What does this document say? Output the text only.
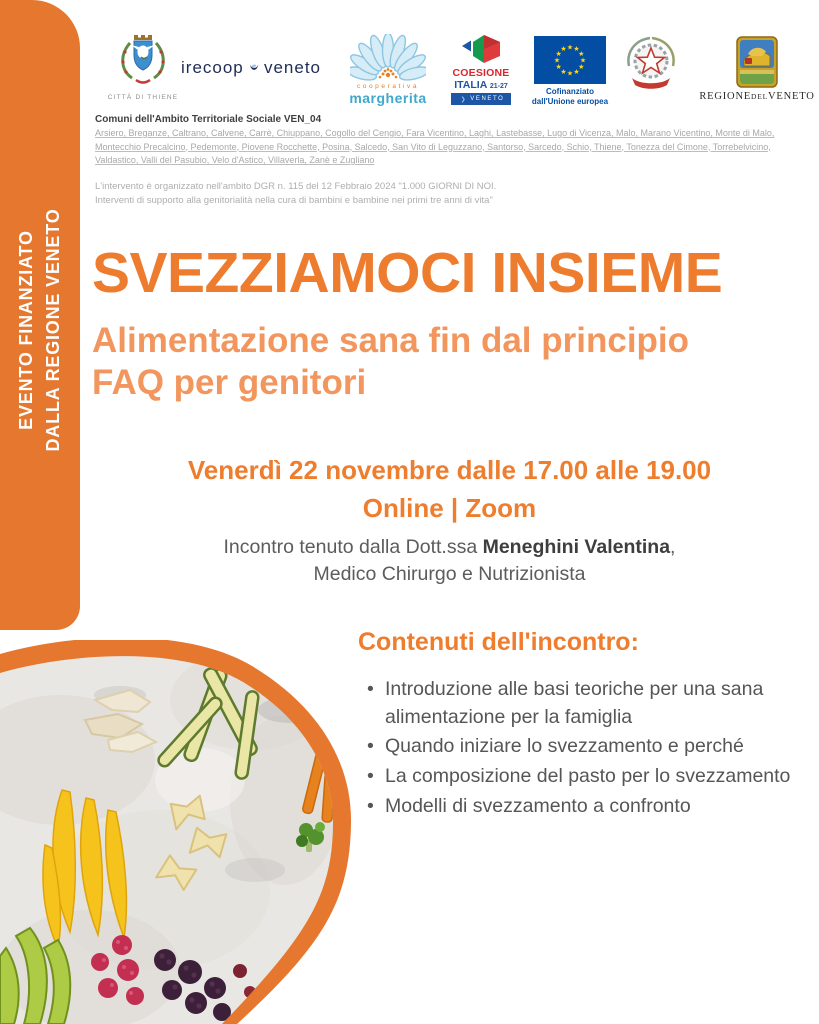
EVENTO FINANZIATO DALLA REGIONE VENETO
CITTÀ DI THIENE
irecoop veneto
cooperativa
margherita
COESIONE
ITALIA 21-27
❯ VENETO
★ ★
★
★
★
★
★
★
★
★
★
★
Cofinanziato
dall'Unione europea	REGIONEDELVENETO
Comuni dell'Ambito Territoriale Sociale VEN_04
Arsiero, Breganze, Caltrano, Calvene, Carrè, Chiuppano, Cogollo del Cengio, Fara Vicentino, Laghi, Lastebasse, Lugo di Vicenza, Malo, Marano Vicentino, Monte di Malo, Montecchio Precalcino, Pedemonte, Piovene Rocchette, Posina, Salcedo, San Vito di Leguzzano, Santorso, Sarcedo, Schio, Thiene, Tonezza del Cimone, Torrebelvicino, Valdastico, Valli del Pasubio, Velo d'Astico, Villaverla, Zanè e Zugliano
L'intervento è organizzato nell'ambito DGR n. 115 del 12 Febbraio 2024 "1.000 GIORNI DI NOI.
Interventi di supporto alla genitorialità nella cura di bambini e bambine nei primi tre anni di vita"
SVEZZIAMOCI INSIEME
Alimentazione sana fin dal principio
FAQ per genitori
Venerdì 22 novembre dalle 17.00 alle 19.00
Online | Zoom
Incontro tenuto dalla Dott.ssa Meneghini Valentina,
Medico Chirurgo e Nutrizionista
Contenuti dell'incontro:
• Introduzione alle basi teoriche per una sana alimentazione per la famiglia
• Quando iniziare lo svezzamento e perché
• La composizione del pasto per lo svezzamento
• Modelli di svezzamento a confronto
